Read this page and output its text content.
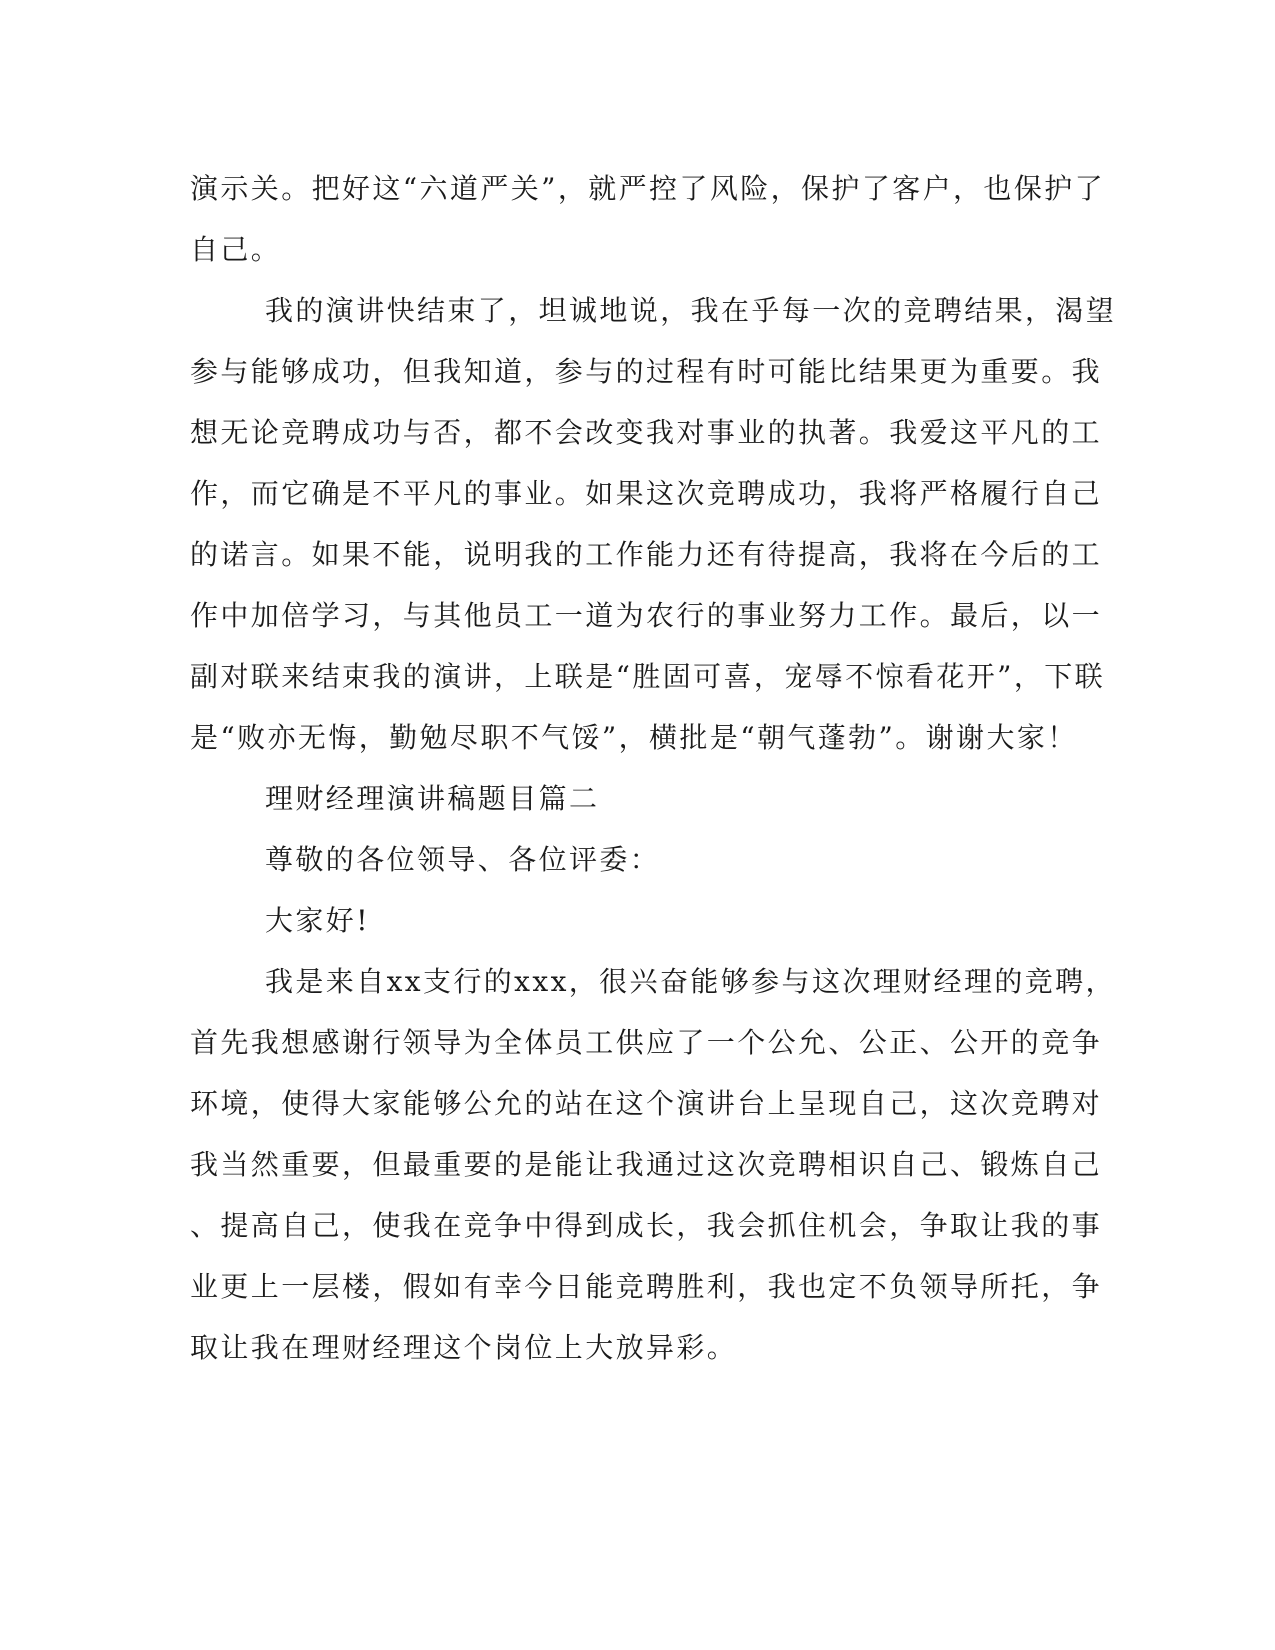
演示关。把好这“六道严关”，就严控了风险，保护了客户，也保护了
自己。
我的演讲快结束了，坦诚地说，我在乎每一次的竞聘结果，渴望
参与能够成功，但我知道，参与的过程有时可能比结果更为重要。我
想无论竞聘成功与否，都不会改变我对事业的执著。我爱这平凡的工
作，而它确是不平凡的事业。如果这次竞聘成功，我将严格履行自己
的诺言。如果不能，说明我的工作能力还有待提高，我将在今后的工
作中加倍学习，与其他员工一道为农行的事业努力工作。最后，以一
副对联来结束我的演讲，上联是“胜固可喜，宠辱不惊看花开”，下联
是“败亦无悔，勤勉尽职不气馁”，横批是“朝气蓬勃”。谢谢大家！
理财经理演讲稿题目篇二
尊敬的各位领导、各位评委：
大家好!
我是来自xx支行的xxx，很兴奋能够参与这次理财经理的竞聘，
首先我想感谢行领导为全体员工供应了一个公允、公正、公开的竞争
环境，使得大家能够公允的站在这个演讲台上呈现自己，这次竞聘对
我当然重要，但最重要的是能让我通过这次竞聘相识自己、锻炼自己
、提高自己，使我在竞争中得到成长，我会抓住机会，争取让我的事
业更上一层楼，假如有幸今日能竞聘胜利，我也定不负领导所托，争
取让我在理财经理这个岗位上大放异彩。
